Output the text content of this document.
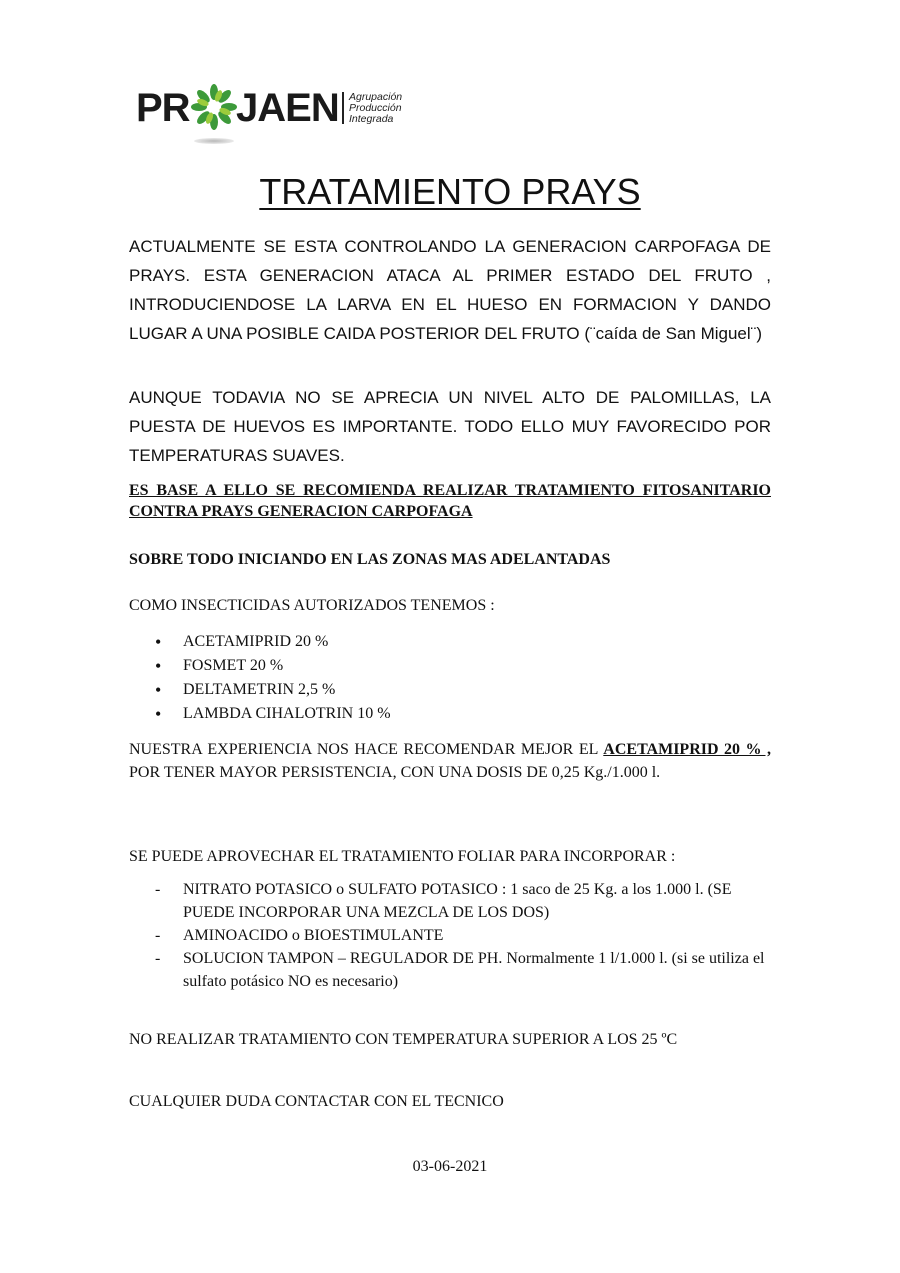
PR JAEN Agrupación
Producción
Integrada
TRATAMIENTO PRAYS

ACTUALMENTE SE ESTA CONTROLANDO LA GENERACION CARPOFAGA DE PRAYS. ESTA GENERACION ATACA AL PRIMER ESTADO DEL FRUTO , INTRODUCIENDOSE LA LARVA EN EL HUESO EN FORMACION Y DANDO LUGAR A UNA POSIBLE CAIDA POSTERIOR DEL FRUTO (¨caída de San Miguel¨)

AUNQUE TODAVIA NO SE APRECIA UN NIVEL ALTO DE PALOMILLAS, LA PUESTA DE HUEVOS ES IMPORTANTE. TODO ELLO MUY FAVORECIDO POR TEMPERATURAS SUAVES.

ES BASE A ELLO SE RECOMIENDA REALIZAR TRATAMIENTO FITOSANITARIO CONTRA PRAYS GENERACION CARPOFAGA

SOBRE TODO INICIANDO EN LAS ZONAS MAS ADELANTADAS

COMO INSECTICIDAS AUTORIZADOS TENEMOS :

• ACETAMIPRID 20 %
• FOSMET 20 %
• DELTAMETRIN 2,5 %
• LAMBDA CIHALOTRIN 10 %

NUESTRA EXPERIENCIA NOS HACE RECOMENDAR MEJOR EL ACETAMIPRID 20 % , POR TENER MAYOR PERSISTENCIA, CON UNA DOSIS DE 0,25 Kg./1.000 l.

SE PUEDE APROVECHAR EL TRATAMIENTO FOLIAR PARA INCORPORAR :

- NITRATO POTASICO o SULFATO POTASICO : 1 saco de 25 Kg. a los 1.000 l. (SE PUEDE INCORPORAR UNA MEZCLA DE LOS DOS)
- AMINOACIDO o BIOESTIMULANTE
- SOLUCION TAMPON – REGULADOR DE PH. Normalmente 1 l/1.000 l. (si se utiliza el sulfato potásico NO es necesario)

NO REALIZAR TRATAMIENTO CON TEMPERATURA SUPERIOR A LOS 25 ºC

CUALQUIER DUDA CONTACTAR CON EL TECNICO

03-06-2021
